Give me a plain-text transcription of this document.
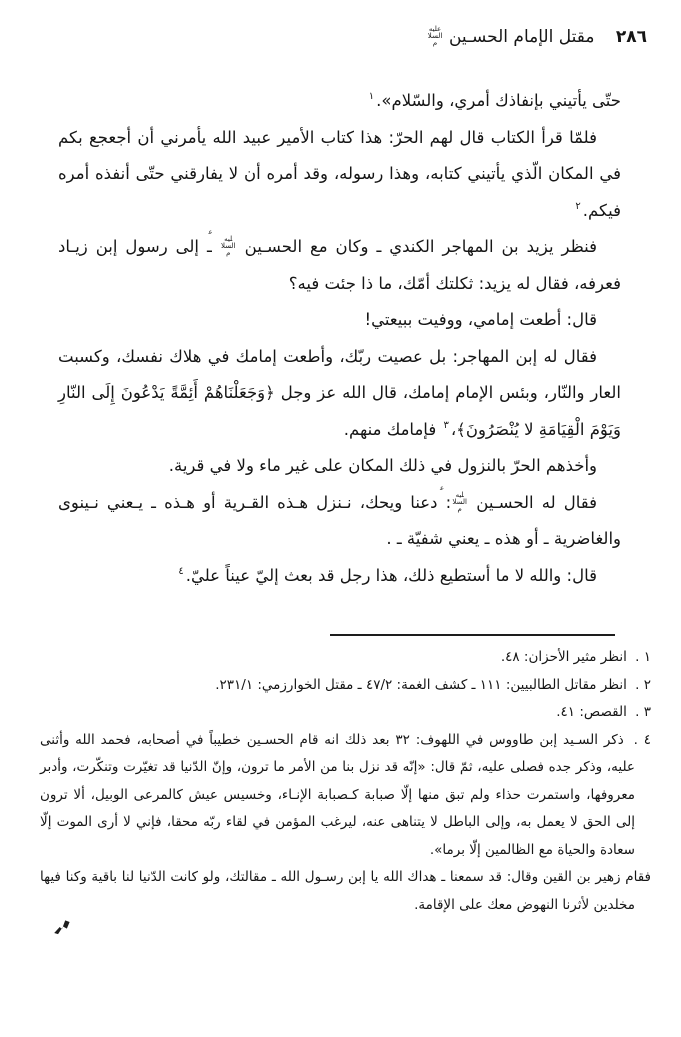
٢٨٦ مقتل الإمام الحسـين عليه السلام

حتّى يأتيني بإنفاذك أمري، والسّلام».$^١$

فلمّا قرأ الكتاب قال لهم الحرّ: هذا كتاب الأمير عبيد الله يأمرني أن أجعجع بكم في المكان الّذي يأتيني كتابه، وهذا رسوله، وقد أمره أن لا يفارقني حتّى أنفذه أمره فيكم.$^٢$

فنظر يزيد بن المهاجر الكندي ـ وكان مع الحسـين عليه السلام ـ إلى رسول إبن زيـاد فعرفه، فقال له يزيد: ثكلتك أمّك، ما ذا جئت فيه؟

قال: أطعت إمامي، ووفيت ببيعتي!

فقال له إبن المهاجر: بل عصيت ربّك، وأطعت إمامك في هلاك نفسك، وكسبت العار والنّار، وبئس الإمام إمامك، قال الله عز وجل ﴿وَجَعَلْنَاهُمْ أَئِمَّةً يَدْعُونَ إِلَى النّارِ وَيَوْمَ الْقِيَامَةِ لا يُنْصَرُونَ﴾،$^٣$ فإمامك منهم.

وأخذهم الحرّ بالنزول في ذلك المكان على غير ماء ولا في قرية.

فقال له الحسـين عليه السلام: دعنا ويحك، نـنزل هـذه القـرية أو هـذه ـ يـعني نـينوى والغاضرية ـ أو هذه ـ يعني شفيّة ـ .

قال: والله لا ما أستطيع ذلك، هذا رجل قد بعث إليّ عيناً عليّ.$^٤$

١ . انظر مثير الأحزان: ٤٨.

٢ . انظر مقاتل الطالبيين: ١١١ ـ كشف الغمة: ٤٧/٢ ـ مقتل الخوارزمي: ٢٣١/١.

٣ . القصص: ٤١.

٤ . ذكر السـيد إبن طاووس في اللهوف: ٣٢ بعد ذلك انه قام الحسـين خطيباً في أصحابه، فحمد الله وأثنى عليه، وذكر جده فصلى عليه، ثمّ قال: «إنّه قد نزل بنا من الأمر ما ترون، وإنّ الدّنيا قد تغيّرت وتنكّرت، وأدبر معروفها، واستمرت حذاء ولم تبق منها إلّا صبابة كـصبابة الإنـاء، وخسيس عيش كالمرعى الوبيل، ألا ترون إلى الحق لا يعمل به، وإلى الباطل لا يتناهى عنه، ليرغب المؤمن في لقاء ربّه محقا، فإني لا أرى الموت إلّا سعادة والحياة مع الظالمين إلّا برما».

فقام زهير بن القين وقال: قد سمعنا ـ هداك الله يا إبن رسـول الله ـ مقالتك، ولو كانت الدّنيا لنا باقية وكنا فيها مخلدين لأثرنا النهوض معك على الإقامة.
